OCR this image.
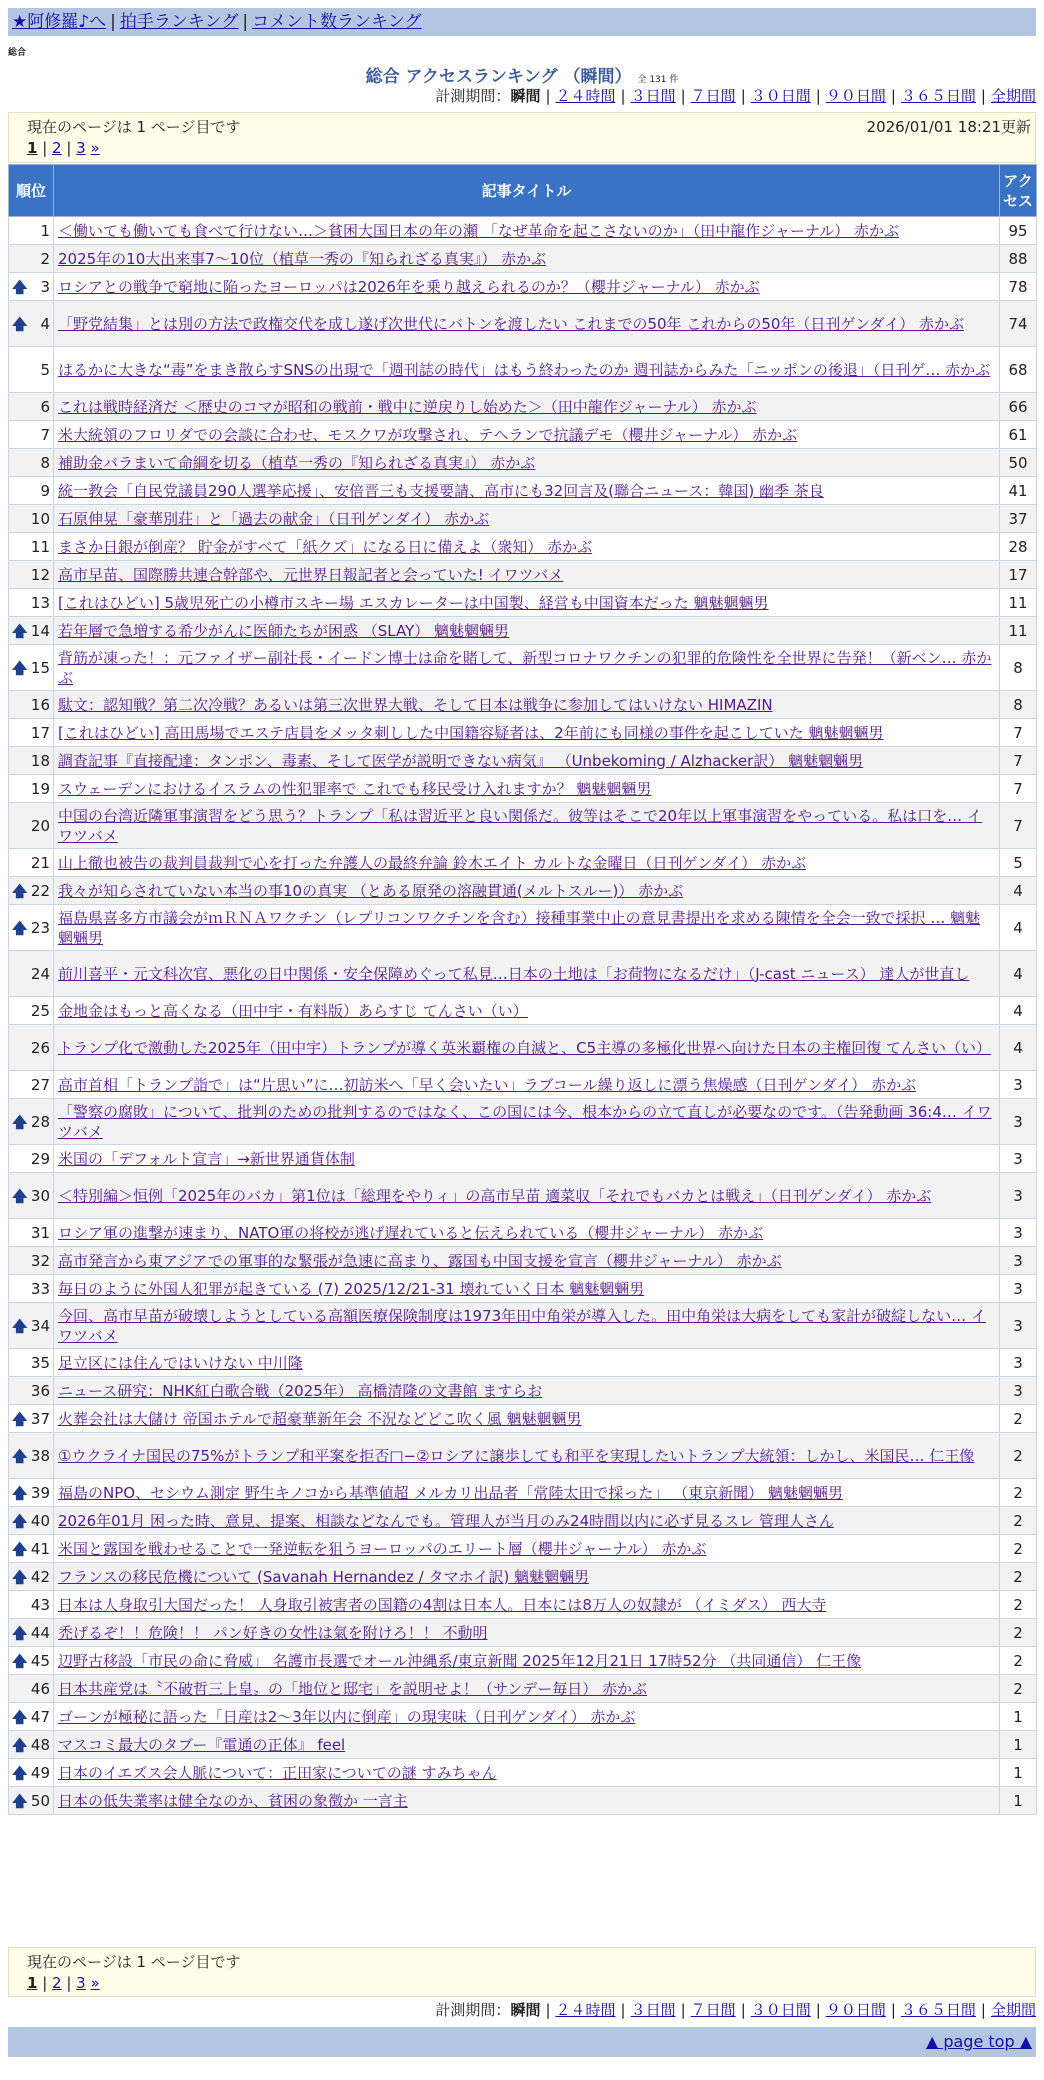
★阿修羅♪へ | 拍手ランキング | コメント数ランキング
総合
総合 アクセスランキング （瞬間） 全 131 件
計測期間：瞬間 | ２４時間 | ３日間 | ７日間 | ３０日間 | ９０日間 | ３６５日間 | 全期間
現在のページは 1 ページ目です	2026/01/01 18:21更新
1 | 2 | 3 »
順位	記事タイトル	アクセス
1	＜働いても働いても食べて行けない…＞貧困大国日本の年の瀬 「なぜ革命を起こさないのか」（田中龍作ジャーナル） 赤かぶ	95
2	2025年の10大出来事7〜10位（植草一秀の『知られざる真実』） 赤かぶ	88

🡅 3	ロシアとの戦争で窮地に陥ったヨーロッパは2026年を乗り越えられるのか？（櫻井ジャーナル） 赤かぶ	78

🡅 4	「野党結集」とは別の方法で政権交代を成し遂げ次世代にバトンを渡したい これまでの50年 これからの50年（日刊ゲンダイ） 赤かぶ	74
5	はるかに大きな“毒”をまき散らすSNSの出現で「週刊誌の時代」はもう終わったのか 週刊誌からみた「ニッポンの後退」（日刊ゲ… 赤かぶ	68
6	これは戦時経済だ ＜歴史のコマが昭和の戦前・戦中に逆戻りし始めた＞（田中龍作ジャーナル） 赤かぶ	66
7	米大統領のフロリダでの会談に合わせ、モスクワが攻撃され、テヘランで抗議デモ（櫻井ジャーナル） 赤かぶ	61
8	補助金バラまいて命綱を切る（植草一秀の『知られざる真実』） 赤かぶ	50
9	統一教会「自民党議員290人選挙応援」、安倍晋三も支援要請、高市にも32回言及(聯合ニュース：韓国) 幽季 茶良	41
10	石原伸晃「豪華別荘」と「過去の献金」（日刊ゲンダイ） 赤かぶ	37
11	まさか日銀が倒産？ 貯金がすべて「紙クズ」になる日に備えよ（衆知） 赤かぶ	28
12	高市早苗、国際勝共連合幹部や、元世界日報記者と会っていた! イワツバメ	17
13	[これはひどい] 5歳児死亡の小樽市スキー場 エスカレーターは中国製、経営も中国資本だった 魑魅魍魎男	11

🡅 14	若年層で急増する希少がんに医師たちが困惑 （SLAY） 魑魅魍魎男	11

🡅 15	背筋が凍った！：元ファイザー副社長・イードン博士は命を賭して、新型コロナワクチンの犯罪的危険性を全世界に告発！（新ベン… 赤かぶ	8
16	駄文：認知戦？第二次冷戦？あるいは第三次世界大戦、そして日本は戦争に参加してはいけない HIMAZIN	8
17	[これはひどい] 高田馬場でエステ店員をメッタ刺しした中国籍容疑者は、2年前にも同様の事件を起こしていた 魑魅魍魎男	7
18	調査記事『直接配達：タンポン、毒素、そして医学が説明できない病気』 （Unbekoming / Alzhacker訳） 魑魅魍魎男	7
19	スウェーデンにおけるイスラムの性犯罪率で これでも移民受け入れますか？ 魑魅魍魎男	7
20	中国の台湾近隣軍事演習をどう思う？トランプ「私は習近平と良い関係だ。彼等はそこで20年以上軍事演習をやっている。私は口を… イワツバメ	7
21	山上徹也被告の裁判員裁判で心を打った弁護人の最終弁論 鈴木エイト カルトな金曜日（日刊ゲンダイ） 赤かぶ	5

🡅 22	我々が知らされていない本当の事10の真実 （とある原発の溶融貫通(メルトスルー)） 赤かぶ	4

🡅 23	福島県喜多方市議会がｍＲＮＡワクチン（レプリコンワクチンを含む）接種事業中止の意見書提出を求める陳情を全会一致で採択 … 魑魅魍魎男	4
24	前川喜平・元文科次官、悪化の日中関係・安全保障めぐって私見…日本の土地は「お荷物になるだけ」（J-cast ニュース） 達人が世直し	4
25	金地金はもっと高くなる（田中宇・有料版）あらすじ てんさい（い）	4
26	トランプ化で激動した2025年（田中宇）トランプが導く英米覇権の自滅と、C5主導の多極化世界へ向けた日本の主権回復 てんさい（い）	4
27	高市首相「トランプ詣で」は“片思い”に…初訪米へ「早く会いたい」ラブコール繰り返しに漂う焦燥感（日刊ゲンダイ） 赤かぶ	3

🡅 28	「警察の腐敗」について、批判のための批判するのではなく、この国には今、根本からの立て直しが必要なのです。（告発動画 36:4… イワツバメ	3
29	米国の「デフォルト宣言」→新世界通貨体制	3

🡅 30	＜特別編＞恒例「2025年のバカ」第1位は「総理をやりィ」の高市早苗 適菜収「それでもバカとは戦え」（日刊ゲンダイ） 赤かぶ	3
31	ロシア軍の進撃が速まり、NATO軍の将校が逃げ遅れていると伝えられている（櫻井ジャーナル） 赤かぶ	3
32	高市発言から東アジアでの軍事的な緊張が急速に高まり、露国も中国支援を宣言（櫻井ジャーナル） 赤かぶ	3
33	毎日のように外国人犯罪が起きている (7) 2025/12/21-31 壊れていく日本 魑魅魍魎男	3

🡅 34	今回、高市早苗が破壊しようとしている高額医療保険制度は1973年田中角栄が導入した。田中角栄は大病をしても家計が破綻しない… イワツバメ	3
35	足立区には住んではいけない 中川隆	3
36	ニュース研究：NHK紅白歌合戦（2025年） 高橋清隆の文書館 ますらお	3

🡅 37	火葬会社は大儲け 帝国ホテルで超豪華新年会 不況などどこ吹く風 魑魅魍魎男	2

🡅 38	①ウクライナ国民の75%がトランプ和平案を拒否□−②ロシアに譲歩しても和平を実現したいトランプ大統領：しかし、米国民… 仁王像	2

🡅 39	福島のNPO、セシウム測定 野生キノコから基準値超 メルカリ出品者「常陸太田で採った」 （東京新聞） 魑魅魍魎男	2

🡅 40	2026年01月 困った時、意見、提案、相談などなんでも。管理人が当月のみ24時間以内に必ず見るスレ 管理人さん	2

🡅 41	米国と露国を戦わせることで一発逆転を狙うヨーロッパのエリート層（櫻井ジャーナル） 赤かぶ	2

🡅 42	フランスの移民危機について (Savanah Hernandez / タマホイ訳) 魑魅魍魎男	2
43	日本は人身取引大国だった！ 人身取引被害者の国籍の4割は日本人。日本には8万人の奴隷が （イミダス） 西大寺	2

🡅 44	禿げるぞ！！危険！！ パン好きの女性は氣を附けろ！！ 不動明	2

🡅 45	辺野古移設「市民の命に脅威」 名護市長選でオール沖縄系/東京新聞 2025年12月21日 17時52分 （共同通信） 仁王像	2
46	日本共産党は〝不破哲三上皇〟の「地位と邸宅」を説明せよ！（サンデー毎日） 赤かぶ	2

🡅 47	ゴーンが極秘に語った「日産は2〜3年以内に倒産」の現実味（日刊ゲンダイ） 赤かぶ	1

🡅 48	マスコミ最大のタブー『電通の正体』 feel	1

🡅 49	日本のイエズス会人脈について：正田家についての謎 すみちゃん	1

🡅 50	日本の低失業率は健全なのか、貧困の象徴か 一言主	1
現在のページは 1 ページ目です
1 | 2 | 3 »
計測期間：瞬間 | ２４時間 | ３日間 | ７日間 | ３０日間 | ９０日間 | ３６５日間 | 全期間
▲ page top ▲
